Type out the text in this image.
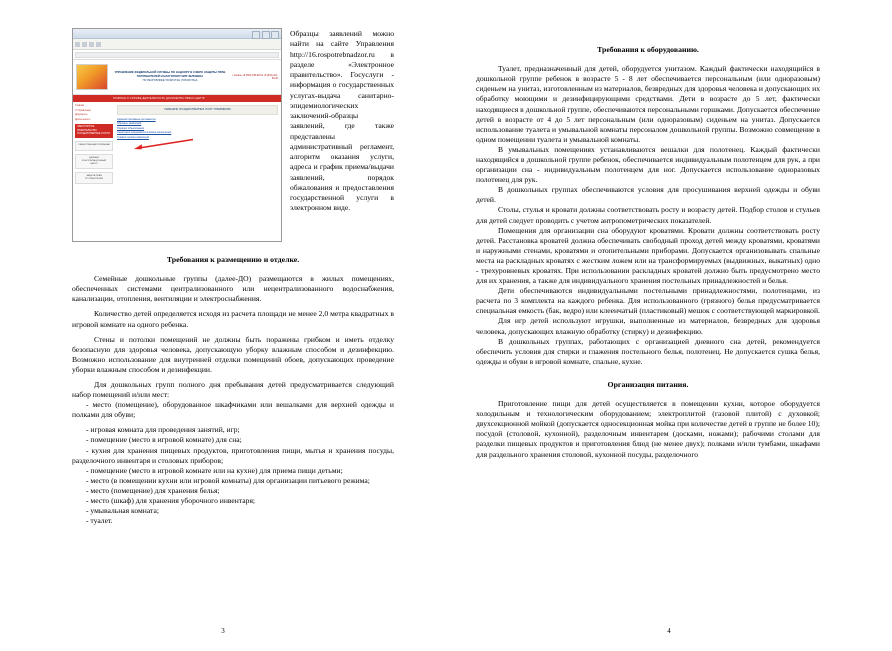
УПРАВЛЕНИЕ ФЕДЕРАЛЬНОЙ СЛУЖБЫ ПО НАДЗОРУ В СФЕРЕ ЗАЩИТЫ ПРАВ ПОТРЕБИТЕЛЕЙ И БЛАГОПОЛУЧИЯ ЧЕЛОВЕКА
ПО РЕСПУБЛИКЕ ТАТАРСТАН (ТАТАРСТАН)
г. Казань +8 (843) 238-98-54 +8 (843) 221-90-20
ГЛАВНАЯ О СЛУЖБЕ ДЕЯТЕЛЬНОСТЬ ДОКУМЕНТЫ ПРЕСС-ЦЕНТР
Главная
О Управлении
Документы
Деятельность
ЭЛЕКТРОННОЕ ПРАВИТЕЛЬСТВО ГОСУДАРСТВЕННЫЕ УСЛУГИ
ОБЩЕСТВЕННАЯ ПРИЕМНАЯ
ЕДИНЫЙ КОНСУЛЬТАЦИОННЫЙ ЦЕНТР
ЗАЩИТА ПРАВ ПОТРЕБИТЕЛЕЙ
ПЕРЕЧЕНЬ ГОСУДАРСТВЕННЫХ УСЛУГ УПРАВЛЕНИЯ
Административные регламенты
Образцы заявлений
Порядок обжалования
Санитарно-эпидемиологические заключения
График приема заявлений

Образцы заявлений можно найти на сайте Управления http://16.rospotrebnadzor.ru в разделе «Электронное правительство». Госуслуги - информация о государственных услугах-выдача санитарно-эпидемиологических заключений-образцы заявлений, где также представлены административный регламент, алгоритм оказания услуги, адреса и график приема/выдачи заявлений, порядок обжалования и предоставления государственной услуги в электронном виде.

Требования к размещению и отделке.

Семейные дошкольные группы (далее-ДО) размещаются в жилых помещениях, обеспеченных системами централизованного или нецентрализованного водоснабжения, канализации, отопления, вентиляции и электроснабжения.

Количество детей определяется исходя из расчета площади не менее 2,0 метра квадратных в игровой комнате на одного ребенка.

Стены и потолки помещений не должны быть поражены грибком и иметь отделку безопасную для здоровья человека, допускающую уборку влажным способом и дезинфекцию. Возможно использование для внутренней отделки помещений обоев, допускающих проведение уборки влажным способом и дезинфекции.

Для дошкольных групп полного дня пребывания детей предусматривается следующий набор помещений и/или мест:

- место (помещение), оборудованное шкафчиками или вешалками для верхней одежды и полками для обуви;

- игровая комната для проведения занятий, игр;

- помещение (место в игровой комнате) для сна;

- кухня для хранения пищевых продуктов, приготовления пищи, мытья и хранения посуды, разделочного инвентаря и столовых приборов;

- помещение (место в игровой комнате или на кухне) для приема пищи детьми;

- место (в помещении кухни или игровой комнаты) для организации питьевого режима;

- место (помещение) для хранения белья;

- место (шкаф) для хранения уборочного инвентаря;

- умывальная комната;

- туалет.

3
Требования к оборудованию.

Туалет, предназначенный для детей, оборудуется унитазом. Каждый фактически находящийся в дошкольной группе ребенок в возрасте 5 - 8 лет обеспечивается персональным (или одноразовым) сиденьем на унитаз, изготовленным из материалов, безвредных для здоровья человека и допускающих их обработку моющими и дезинфицирующими средствами. Дети в возрасте до 5 лет, фактически находящиеся в дошкольной группе, обеспечиваются персональными горшками. Допускается обеспечение детей в возрасте от 4 до 5 лет персональным (или одноразовым) сиденьем на унитаз. Допускается использование туалета и умывальной комнаты персоналом дошкольной группы. Возможно совмещение в одном помещении туалета и умывальной комнаты.

В умывальных помещениях устанавливаются вешалки для полотенец. Каждый фактически находящийся в дошкольной группе ребенок, обеспечивается индивидуальным полотенцем для рук, а при организации сна - индивидуальным полотенцем для ног. Допускается использование одноразовых полотенец для рук.

В дошкольных группах обеспечиваются условия для просушивания верхней одежды и обуви детей.

Столы, стулья и кровати должны соответствовать росту и возрасту детей. Подбор столов и стульев для детей следует проводить с учетом антропометрических показателей.

Помещения для организации сна оборудуют кроватями. Кровати должны соответствовать росту детей. Расстановка кроватей должна обеспечивать свободный проход детей между кроватями, кроватями и наружными стенами, кроватями и отопительными приборами. Допускается организовывать спальные места на раскладных кроватях с жестким ложем или на трансформируемых (выдвижных, выкатных) одно - трехуровневых кроватях. При использовании раскладных кроватей должно быть предусмотрено место для их хранения, а также для индивидуального хранения постельных принадлежностей и белья.

Дети обеспечиваются индивидуальными постельными принадлежностями, полотенцами, из расчета по 3 комплекта на каждого ребенка. Для использованного (грязного) белья предусматривается специальная емкость (бак, ведро) или клеенчатый (пластиковый) мешок с соответствующей маркировкой.

Для игр детей используют игрушки, выполненные из материалов, безвредных для здоровья человека, допускающих влажную обработку (стирку) и дезинфекцию.

В дошкольных группах, работающих с организацией дневного сна детей, рекомендуется обеспечить условия для стирки и глажения постельного белья, полотенец. Не допускается сушка белья, одежды и обуви в игровой комнате, спальне, кухне.

Организация питания.

Приготовление пищи для детей осуществляется в помещении кухни, которое оборудуется холодильным и технологическим оборудованием; электроплитой (газовой плитой) с духовкой; двухсекционной мойкой (допускается односекционная мойка при количестве детей в группе не более 10); посудой (столовой, кухонной), разделочным инвентарем (досками, ножами); рабочими столами для разделки пищевых продуктов и приготовления блюд (не менее двух); полками и/или тумбами, шкафами для раздельного хранения столовой, кухонной посуды, разделочного

4
